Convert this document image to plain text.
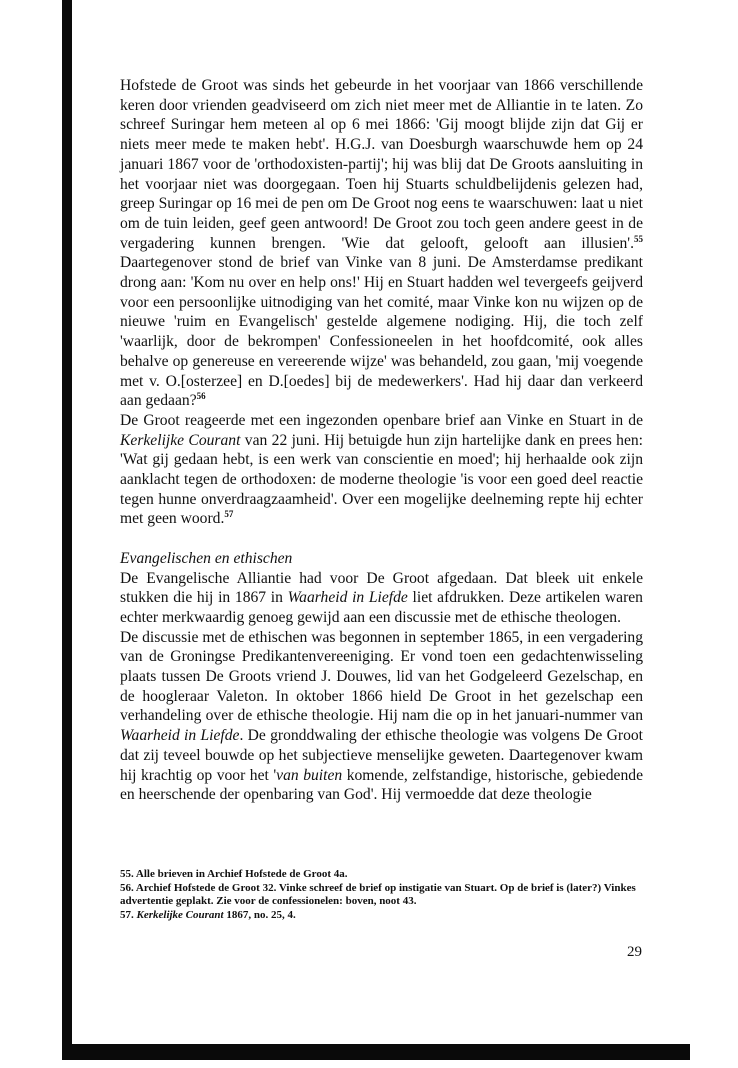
Hofstede de Groot was sinds het gebeurde in het voorjaar van 1866 verschillende keren door vrienden geadviseerd om zich niet meer met de Alliantie in te laten. Zo schreef Suringar hem meteen al op 6 mei 1866: 'Gij moogt blijde zijn dat Gij er niets meer mede te maken hebt'. H.G.J. van Doesburgh waarschuwde hem op 24 januari 1867 voor de 'orthodoxisten-partij'; hij was blij dat De Groots aansluiting in het voorjaar niet was doorgegaan. Toen hij Stuarts schuldbelijdenis gelezen had, greep Suringar op 16 mei de pen om De Groot nog eens te waarschuwen: laat u niet om de tuin leiden, geef geen antwoord! De Groot zou toch geen andere geest in de vergadering kunnen brengen. 'Wie dat gelooft, gelooft aan illusien'.$^{55}$ Daartegenover stond de brief van Vinke van 8 juni. De Amsterdamse predikant drong aan: 'Kom nu over en help ons!' Hij en Stuart hadden wel tevergeefs geijverd voor een persoonlijke uitnodiging van het comité, maar Vinke kon nu wijzen op de nieuwe 'ruim en Evangelisch' gestelde algemene nodiging. Hij, die toch zelf 'waarlijk, door de bekrompen' Confessioneelen in het hoofdcomité, ook alles behalve op genereuse en vereerende wijze' was behandeld, zou gaan, 'mij voegende met v. O.[osterzee] en D.[oedes] bij de medewerkers'. Had hij daar dan verkeerd aan gedaan?$^{56}$

De Groot reageerde met een ingezonden openbare brief aan Vinke en Stuart in de Kerkelijke Courant van 22 juni. Hij betuigde hun zijn hartelijke dank en prees hen: 'Wat gij gedaan hebt, is een werk van conscientie en moed'; hij herhaalde ook zijn aanklacht tegen de orthodoxen: de moderne theologie 'is voor een goed deel reactie tegen hunne onverdraagzaamheid'. Over een mogelijke deelneming repte hij echter met geen woord.$^{57}$

Evangelischen en ethischen

De Evangelische Alliantie had voor De Groot afgedaan. Dat bleek uit enkele stukken die hij in 1867 in Waarheid in Liefde liet afdrukken. Deze artikelen waren echter merkwaardig genoeg gewijd aan een discussie met de ethische theologen.

De discussie met de ethischen was begonnen in september 1865, in een vergadering van de Groningse Predikantenvereeniging. Er vond toen een gedachtenwisseling plaats tussen De Groots vriend J. Douwes, lid van het Godgeleerd Gezelschap, en de hoogleraar Valeton. In oktober 1866 hield De Groot in het gezelschap een verhandeling over de ethische theologie. Hij nam die op in het januari-nummer van Waarheid in Liefde. De gronddwaling der ethische theologie was volgens De Groot dat zij teveel bouwde op het subjectieve menselijke geweten. Daartegenover kwam hij krachtig op voor het 'van buiten komende, zelfstandige, historische, gebiedende en heerschende der openbaring van God'. Hij vermoedde dat deze theologie

55. Alle brieven in Archief Hofstede de Groot 4a.

56. Archief Hofstede de Groot 32. Vinke schreef de brief op instigatie van Stuart. Op de brief is (later?) Vinkes advertentie geplakt. Zie voor de confessionelen: boven, noot 43.

57. Kerkelijke Courant 1867, no. 25, 4.

29
